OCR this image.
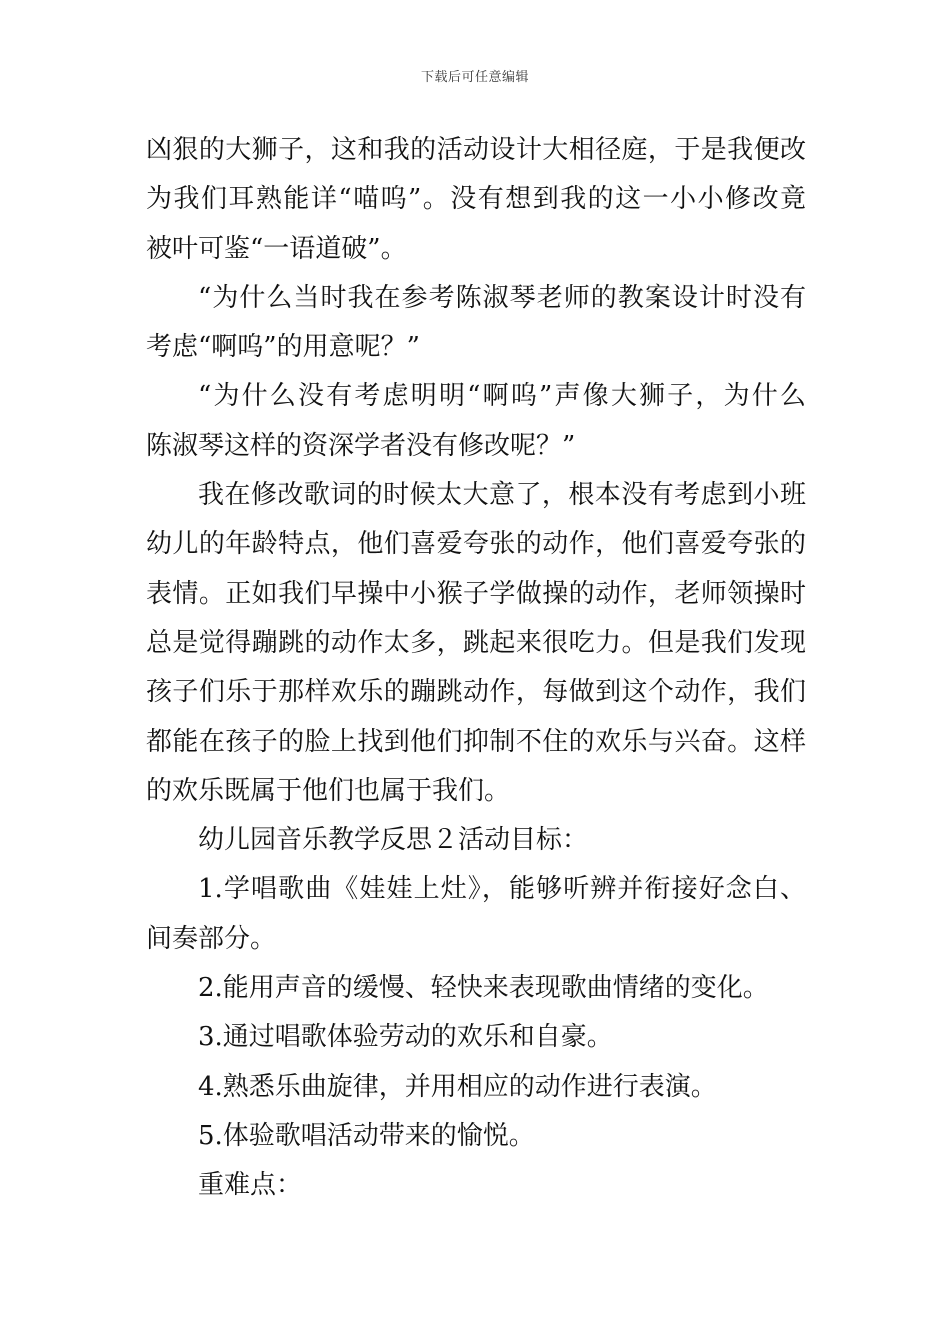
下载后可任意编辑
凶狠的大狮子，这和我的活动设计大相径庭，于是我便改
为我们耳熟能详“喵呜”。没有想到我的这一小小修改竟
被叶可鉴“一语道破”。
“为什么当时我在参考陈淑琴老师的教案设计时没有
考虑“啊呜”的用意呢？”
“为什么没有考虑明明“啊呜”声像大狮子，为什么
陈淑琴这样的资深学者没有修改呢？”
我在修改歌词的时候太大意了，根本没有考虑到小班
幼儿的年龄特点，他们喜爱夸张的动作，他们喜爱夸张的
表情。正如我们早操中小猴子学做操的动作，老师领操时
总是觉得蹦跳的动作太多，跳起来很吃力。但是我们发现
孩子们乐于那样欢乐的蹦跳动作，每做到这个动作，我们
都能在孩子的脸上找到他们抑制不住的欢乐与兴奋。这样
的欢乐既属于他们也属于我们。
幼儿园音乐教学反思２活动目标：
1.学唱歌曲《娃娃上灶》，能够听辨并衔接好念白、
间奏部分。
2.能用声音的缓慢、轻快来表现歌曲情绪的变化。
3.通过唱歌体验劳动的欢乐和自豪。
4.熟悉乐曲旋律，并用相应的动作进行表演。
5.体验歌唱活动带来的愉悦。
重难点：
